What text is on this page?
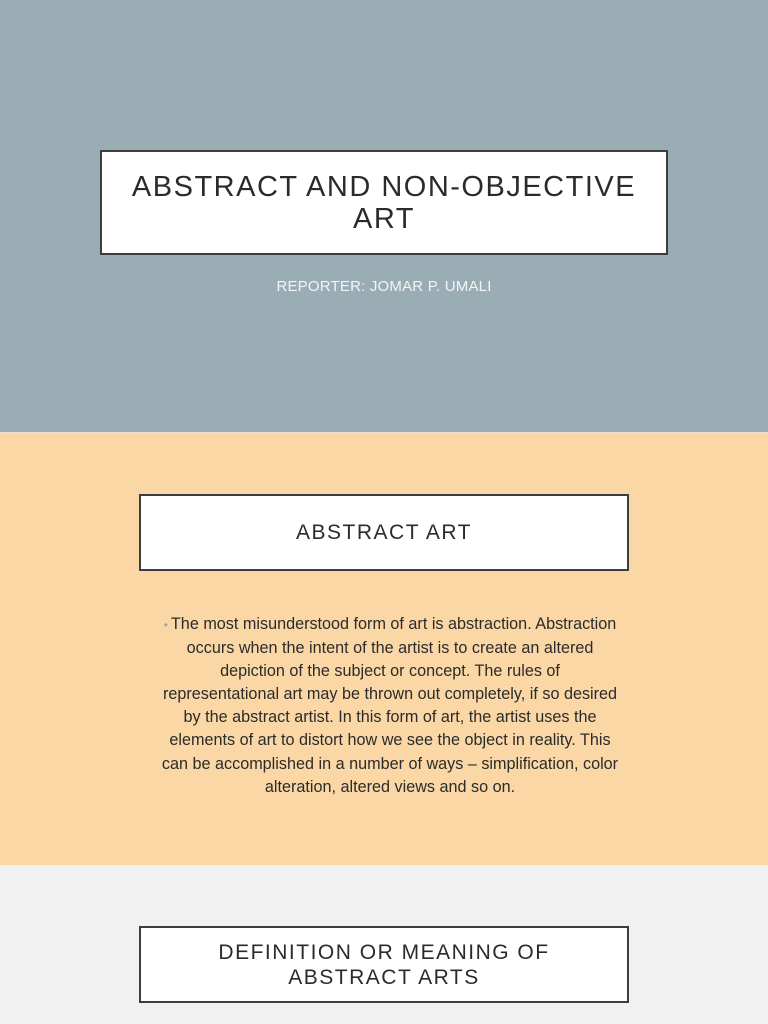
ABSTRACT AND NON-OBJECTIVE ART
REPORTER: JOMAR P. UMALI
ABSTRACT ART
• The most misunderstood form of art is abstraction. Abstraction occurs when the intent of the artist is to create an altered depiction of the subject or concept. The rules of representational art may be thrown out completely, if so desired by the abstract artist. In this form of art, the artist uses the elements of art to distort how we see the object in reality. This can be accomplished in a number of ways – simplification, color alteration, altered views and so on.
DEFINITION OR MEANING OF ABSTRACT ARTS
